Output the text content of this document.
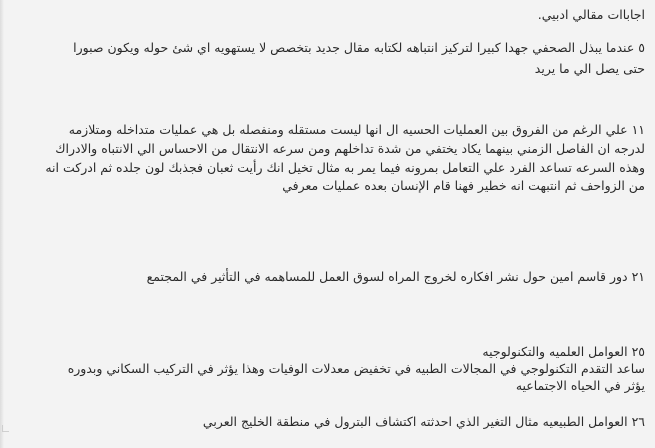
اجاباات مقالي ادبيي.
٥ عندما يبذل الصحفي جهدا كبيرا لتركيز انتباهه لكتابه مقال جديد بتخصص لا يستهويه اي شئ حوله ويكون صبورا
حتى يصل الي ما يريد
١١ علي الرغم من الفروق بين العمليات الحسيه ال انها ليست مستقله ومنفصله بل هي عمليات متداخله ومتلازمه
لدرجه ان الفاصل الزمني بينهما يكاد يختفي من شدة تداخلهم ومن سرعه الانتقال من الاحساس الي الانتباه والادراك
وهذه السرعه تساعد الفرد علي التعامل بمرونه فيما يمر به مثال تخيل انك رأيت ثعبان فجذبك لون جلده ثم ادركت انه
من الزواحف ثم انتبهت انه خطير فهنا قام الإنسان بعده عمليات معرفي
٢١ دور قاسم امين حول نشر افكاره لخروج المراه لسوق العمل للمساهمه في التأثير في المجتمع
٢٥ العوامل العلميه والتكنولوجيه
ساعد التقدم التكنولوجي في المجالات الطبيه في تخفيض معدلات الوفيات وهذا يؤثر في التركيب السكاني وبدوره
يؤثر في الحياه الاجتماعيه
٢٦ العوامل الطبيعيه مثال التغير الذي احدثته اكتشاف البترول في منطقة الخليج العربي
